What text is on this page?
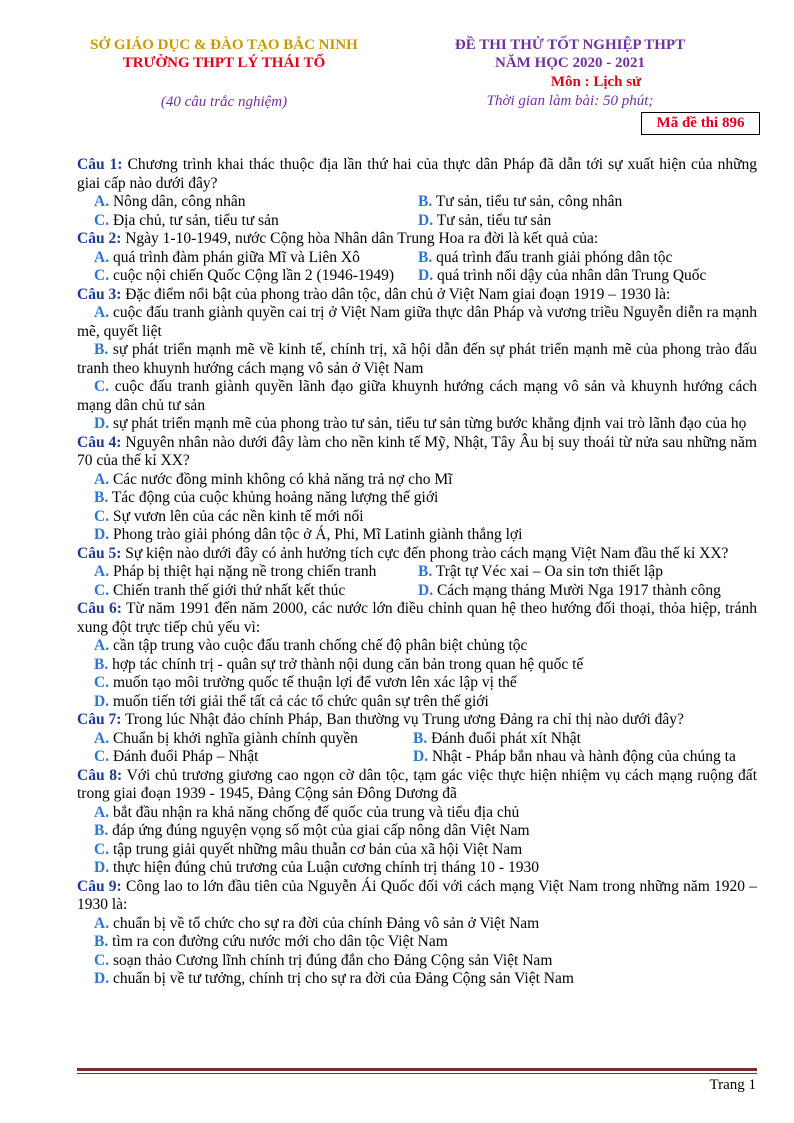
SỞ GIÁO DỤC & ĐÀO TẠO BẮC NINH
TRƯỜNG THPT LÝ THÁI TỔ
(40 câu trắc nghiệm)
ĐỀ THI THỬ TỐT NGHIỆP THPT
NĂM HỌC 2020 - 2021
Môn : Lịch sử
Thời gian làm bài: 50 phút;
Mã đề thi 896
Câu 1: Chương trình khai thác thuộc địa lần thứ hai của thực dân Pháp đã dẫn tới sự xuất hiện của những giai cấp nào dưới đây?
A. Nông dân, công nhân	B. Tư sản, tiểu tư sản, công nhân
C. Địa chủ, tư sản, tiểu tư sản	D. Tư sản, tiểu tư sản
Câu 2: Ngày 1-10-1949, nước Cộng hòa Nhân dân Trung Hoa ra đời là kết quả của:
A. quá trình đàm phán giữa Mĩ và Liên Xô	B. quá trình đấu tranh giải phóng dân tộc
C. cuộc nội chiến Quốc Cộng lần 2 (1946-1949)	D. quá trình nổi dậy của nhân dân Trung Quốc
Câu 3: Đặc điểm nổi bật của phong trào dân tộc, dân chủ ở Việt Nam giai đoạn 1919 – 1930 là:
A. cuộc đấu tranh giành quyền cai trị ở Việt Nam giữa thực dân Pháp và vương triều Nguyễn diễn ra mạnh mẽ, quyết liệt
B. sự phát triển mạnh mẽ về kinh tế, chính trị, xã hội dẫn đến sự phát triển mạnh mẽ của phong trào đấu tranh theo khuynh hướng cách mạng vô sản ở Việt Nam
C. cuộc đấu tranh giành quyền lãnh đạo giữa khuynh hướng cách mạng vô sản và khuynh hướng cách mạng dân chủ tư sản
D. sự phát triển mạnh mẽ của phong trào tư sản, tiểu tư sản từng bước khẳng định vai trò lãnh đạo của họ
Câu 4: Nguyên nhân nào dưới đây làm cho nền kinh tế Mỹ, Nhật, Tây Âu bị suy thoái từ nửa sau những năm 70 của thế kỉ XX?
A. Các nước đồng minh không có khả năng trả nợ cho Mĩ
B. Tác động của cuộc khủng hoảng năng lượng thế giới
C. Sự vươn lên của các nền kinh tế mới nổi
D. Phong trào giải phóng dân tộc ở Á, Phi, Mĩ Latinh giành thắng lợi
Câu 5: Sự kiện nào dưới đây có ảnh hưởng tích cực đến phong trào cách mạng Việt Nam đầu thế kỉ XX?
A. Pháp bị thiệt hại nặng nề trong chiến tranh	B. Trật tự Véc xai – Oa sin tơn thiết lập
C. Chiến tranh thế giới thứ nhất kết thúc	D. Cách mạng tháng Mười Nga 1917 thành công
Câu 6: Từ năm 1991 đến năm 2000, các nước lớn điều chỉnh quan hệ theo hướng đối thoại, thỏa hiệp, tránh xung đột trực tiếp chủ yếu vì:
A. cần tập trung vào cuộc đấu tranh chống chế độ phân biệt chủng tộc
B. hợp tác chính trị - quân sự trở thành nội dung căn bản trong quan hệ quốc tế
C. muốn tạo môi trường quốc tế thuận lợi để vươn lên xác lập vị thế
D. muốn tiến tới giải thể tất cả các tổ chức quân sự trên thế giới
Câu 7: Trong lúc Nhật đảo chính Pháp, Ban thường vụ Trung ương Đảng ra chỉ thị nào dưới đây?
A. Chuẩn bị khởi nghĩa giành chính quyền	B. Đánh đuổi phát xít Nhật
C. Đánh đuổi Pháp – Nhật	D. Nhật - Pháp bắn nhau và hành động của chúng ta
Câu 8: Với chủ trương giương cao ngọn cờ dân tộc, tạm gác việc thực hiện nhiệm vụ cách mạng ruộng đất trong giai đoạn 1939 - 1945, Đảng Cộng sản Đông Dương đã
A. bắt đầu nhận ra khả năng chống đế quốc của trung và tiểu địa chủ
B. đáp ứng đúng nguyện vọng số một của giai cấp nông dân Việt Nam
C. tập trung giải quyết những mâu thuẫn cơ bản của xã hội Việt Nam
D. thực hiện đúng chủ trương của Luận cương chính trị tháng 10 - 1930
Câu 9: Công lao to lớn đầu tiên của Nguyễn Ái Quốc đối với cách mạng Việt Nam trong những năm 1920 – 1930 là:
A. chuẩn bị về tổ chức cho sự ra đời của chính Đảng vô sản ở Việt Nam
B. tìm ra con đường cứu nước mới cho dân tộc Việt Nam
C. soạn thảo Cương lĩnh chính trị đúng đắn cho Đảng Cộng sản Việt Nam
D. chuẩn bị về tư tưởng, chính trị cho sự ra đời của Đảng Cộng sản Việt Nam
Trang 1
